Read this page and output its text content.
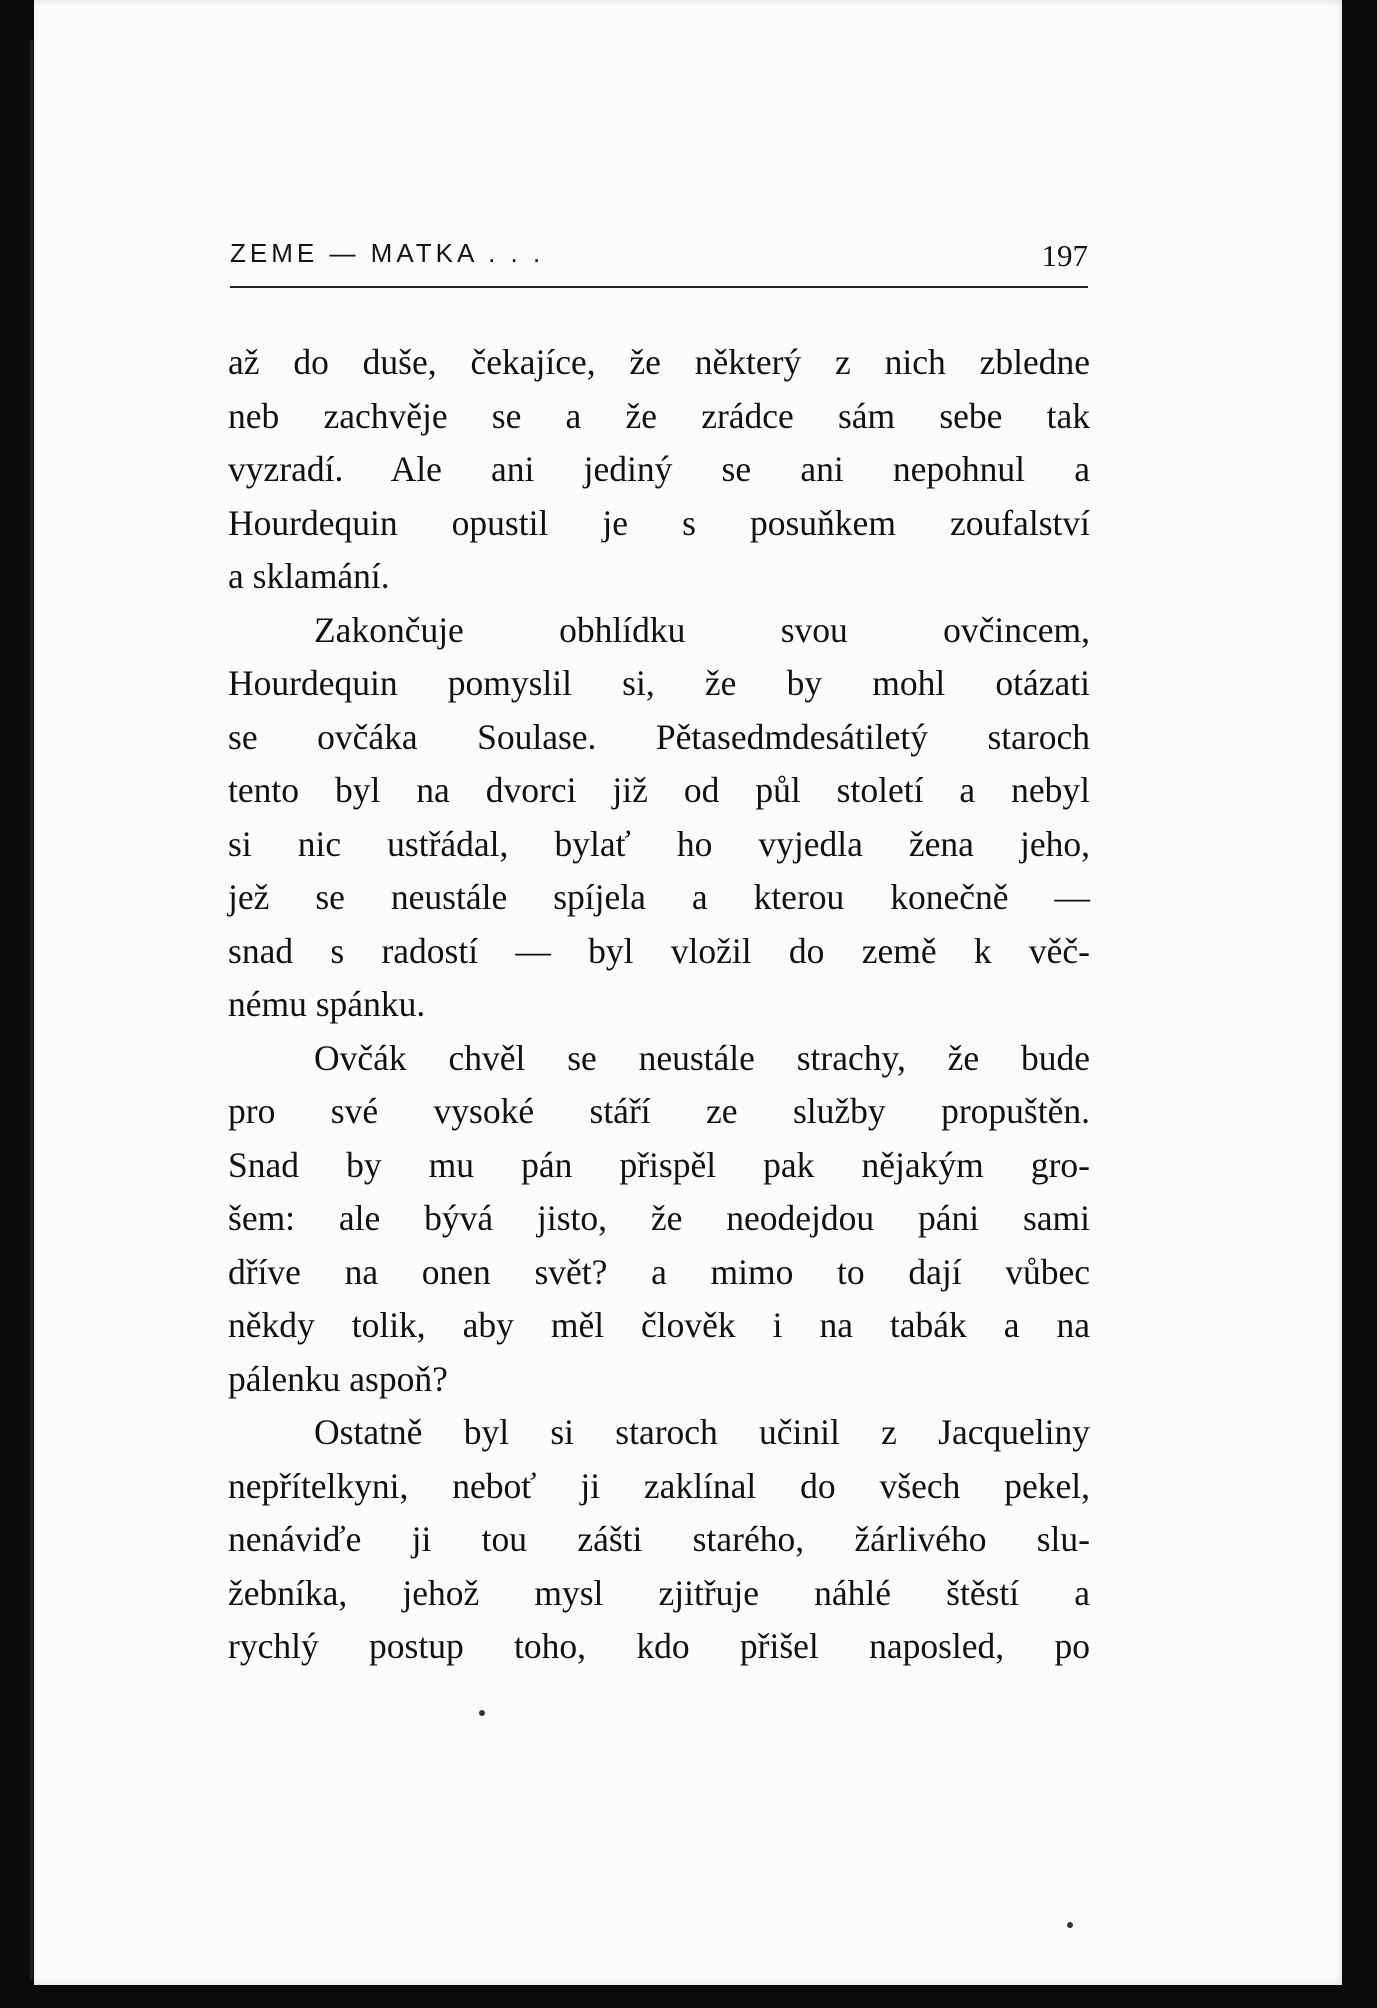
ZEME — MATKA . . .	197
až do duše, čekajíce, že některý z nich zbledne
neb zachvěje se a že zrádce sám sebe tak
vyzradí. Ale ani jediný se ani nepohnul a
Hourdequin opustil je s posuňkem zoufalství
a sklamání.
Zakončuje obhlídku svou ovčincem,
Hourdequin pomyslil si, že by mohl otázati
se ovčáka Soulase. Pětasedmdesátiletý staroch
tento byl na dvorci již od půl století a nebyl
si nic ustřádal, bylať ho vyjedla žena jeho,
jež se neustále spíjela a kterou konečně —
snad s radostí — byl vložil do země k věč-
nému spánku.
Ovčák chvěl se neustále strachy, že bude
pro své vysoké stáří ze služby propuštěn.
Snad by mu pán přispěl pak nějakým gro-
šem: ale bývá jisto, že neodejdou páni sami
dříve na onen svět? a mimo to dají vůbec
někdy tolik, aby měl člověk i na tabák a na
pálenku aspoň?
Ostatně byl si staroch učinil z Jacqueliny
nepřítelkyni, neboť ji zaklínal do všech pekel,
nenáviďe ji tou zášti starého, žárlivého slu-
žebníka, jehož mysl zjitřuje náhlé štěstí a
rychlý postup toho, kdo přišel naposled, po
